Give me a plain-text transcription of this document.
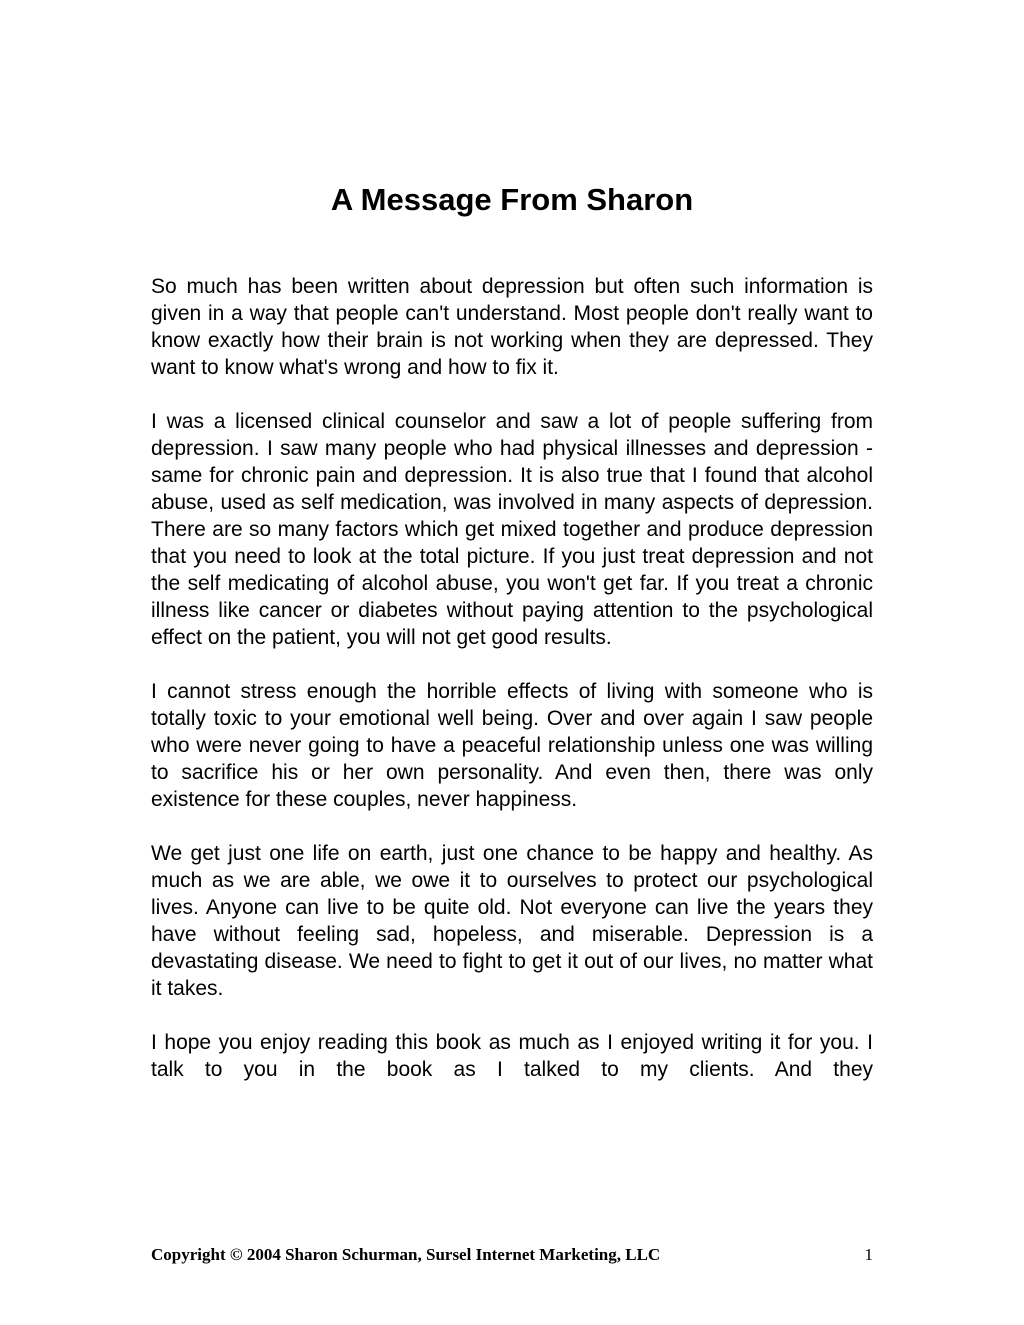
A Message From Sharon

So much has been written about depression but often such information is given in a way that people can't understand. Most people don't really want to know exactly how their brain is not working when they are depressed. They want to know what's wrong and how to fix it.

I was a licensed clinical counselor and saw a lot of people suffering from depression. I saw many people who had physical illnesses and depression - same for chronic pain and depression. It is also true that I found that alcohol abuse, used as self medication, was involved in many aspects of depression. There are so many factors which get mixed together and produce depression that you need to look at the total picture. If you just treat depression and not the self medicating of alcohol abuse, you won't get far. If you treat a chronic illness like cancer or diabetes without paying attention to the psychological effect on the patient, you will not get good results.

I cannot stress enough the horrible effects of living with someone who is totally toxic to your emotional well being. Over and over again I saw people who were never going to have a peaceful relationship unless one was willing to sacrifice his or her own personality. And even then, there was only existence for these couples, never happiness.

We get just one life on earth, just one chance to be happy and healthy. As much as we are able, we owe it to ourselves to protect our psychological lives. Anyone can live to be quite old. Not everyone can live the years they have without feeling sad, hopeless, and miserable. Depression is a devastating disease. We need to fight to get it out of our lives, no matter what it takes.

I hope you enjoy reading this book as much as I enjoyed writing it for you. I talk to you in the book as I talked to my clients. And they

Copyright © 2004 Sharon Schurman, Sursel Internet Marketing, LLC	1
